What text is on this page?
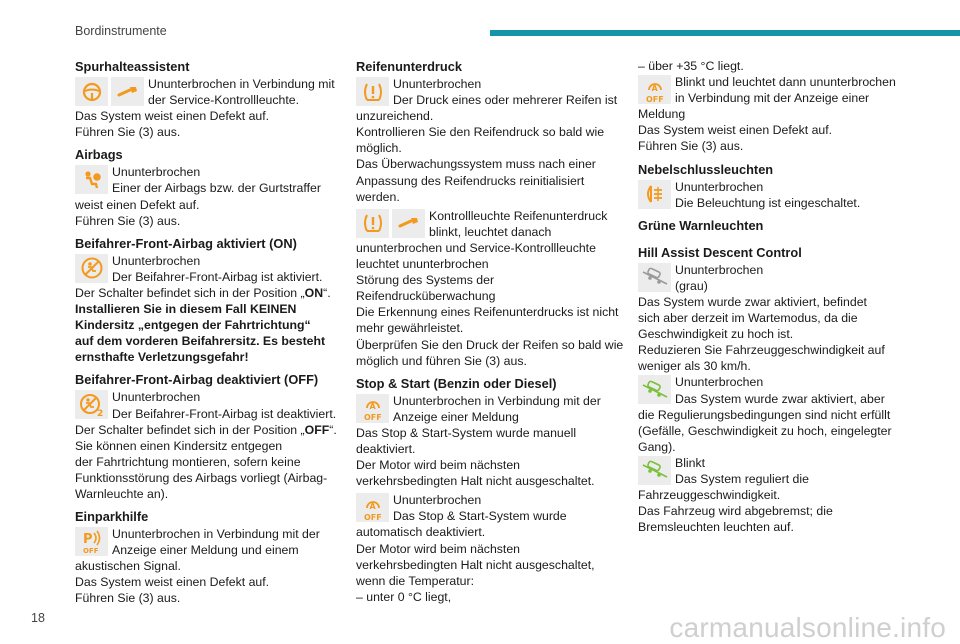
Bordinstrumente
Spurhalteassistent

Ununterbrochen in Verbindung mit

der Service-Kontrollleuchte.

Das System weist einen Defekt auf.

Führen Sie (3) aus.

Airbags

Ununterbrochen

Einer der Airbags bzw. der Gurtstraffer

weist einen Defekt auf.

Führen Sie (3) aus.

Beifahrer-Front-Airbag aktiviert (ON)

Ununterbrochen

Der Beifahrer-Front-Airbag ist aktiviert.

Der Schalter befindet sich in der Position „ON“.

Installieren Sie in diesem Fall KEINEN

Kindersitz „entgegen der Fahrtrichtung“

auf dem vorderen Beifahrersitz. Es besteht

ernsthafte Verletzungsgefahr!

Beifahrer-Front-Airbag deaktiviert (OFF)
2

Ununterbrochen

Der Beifahrer-Front-Airbag ist deaktiviert.

Der Schalter befindet sich in der Position „OFF“.

Sie können einen Kindersitz entgegen

der Fahrtrichtung montieren, sofern keine

Funktionsstörung des Airbags vorliegt (Airbag-

Warnleuchte an).

Einparkhilfe
P
OFF

Ununterbrochen in Verbindung mit der

Anzeige einer Meldung und einem

akustischen Signal.

Das System weist einen Defekt auf.

Führen Sie (3) aus.

Reifenunterdruck

Ununterbrochen

Der Druck eines oder mehrerer Reifen ist

unzureichend.

Kontrollieren Sie den Reifendruck so bald wie

möglich.

Das Überwachungssystem muss nach einer

Anpassung des Reifendrucks reinitialisiert

werden.

Kontrollleuchte Reifenunterdruck

blinkt, leuchtet danach

ununterbrochen und Service-Kontrollleuchte

leuchtet ununterbrochen

Störung des Systems der

Reifendrucküberwachung

Die Erkennung eines Reifenunterdrucks ist nicht

mehr gewährleistet.

Überprüfen Sie den Druck der Reifen so bald wie

möglich und führen Sie (3) aus.

Stop & Start (Benzin oder Diesel)
A
OFF

Ununterbrochen in Verbindung mit der

Anzeige einer Meldung

Das Stop & Start-System wurde manuell

deaktiviert.

Der Motor wird beim nächsten

verkehrsbedingten Halt nicht ausgeschaltet.

A
OFF

Ununterbrochen

Das Stop & Start-System wurde

automatisch deaktiviert.

Der Motor wird beim nächsten

verkehrsbedingten Halt nicht ausgeschaltet,

wenn die Temperatur:

– unter 0 °C liegt,

– über +35 °C liegt.

A
OFF

Blinkt und leuchtet dann ununterbrochen

in Verbindung mit der Anzeige einer

Meldung

Das System weist einen Defekt auf.

Führen Sie (3) aus.

Nebelschlussleuchten

Ununterbrochen

Die Beleuchtung ist eingeschaltet.

Grüne Warnleuchten
Hill Assist Descent Control

Ununterbrochen

(grau)

Das System wurde zwar aktiviert, befindet

sich aber derzeit im Wartemodus, da die

Geschwindigkeit zu hoch ist.

Reduzieren Sie Fahrzeuggeschwindigkeit auf

weniger als 30 km/h.

Ununterbrochen

Das System wurde zwar aktiviert, aber

die Regulierungsbedingungen sind nicht erfüllt

(Gefälle, Geschwindigkeit zu hoch, eingelegter

Gang).

Blinkt

Das System reguliert die

Fahrzeuggeschwindigkeit.

Das Fahrzeug wird abgebremst; die

Bremsleuchten leuchten auf.

18	carmanualsonline.info
